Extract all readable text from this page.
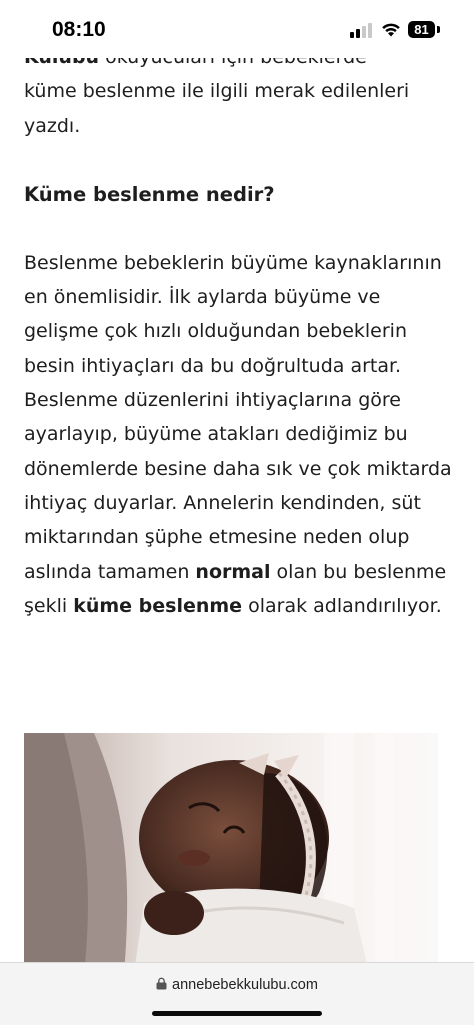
08:10	81

küme beslenme ile ilgili merak edilenleri

yazdı.

Küme beslenme nedir?

Beslenme bebeklerin büyüme kaynaklarının en önemlisidir. İlk aylarda büyüme ve gelişme çok hızlı olduğundan bebeklerin besin ihtiyaçları da bu doğrultuda artar. Beslenme düzenlerini ihtiyaçlarına göre ayarlayıp, büyüme atakları dediğimiz bu dönemlerde besine daha sık ve çok miktarda ihtiyaç duyarlar. Annelerin kendinden, süt miktarından şüphe etmesine neden olup aslında tamamen normal olan bu beslenme şekli küme beslenme olarak adlandırılıyor.

annebebekkulubu.com
